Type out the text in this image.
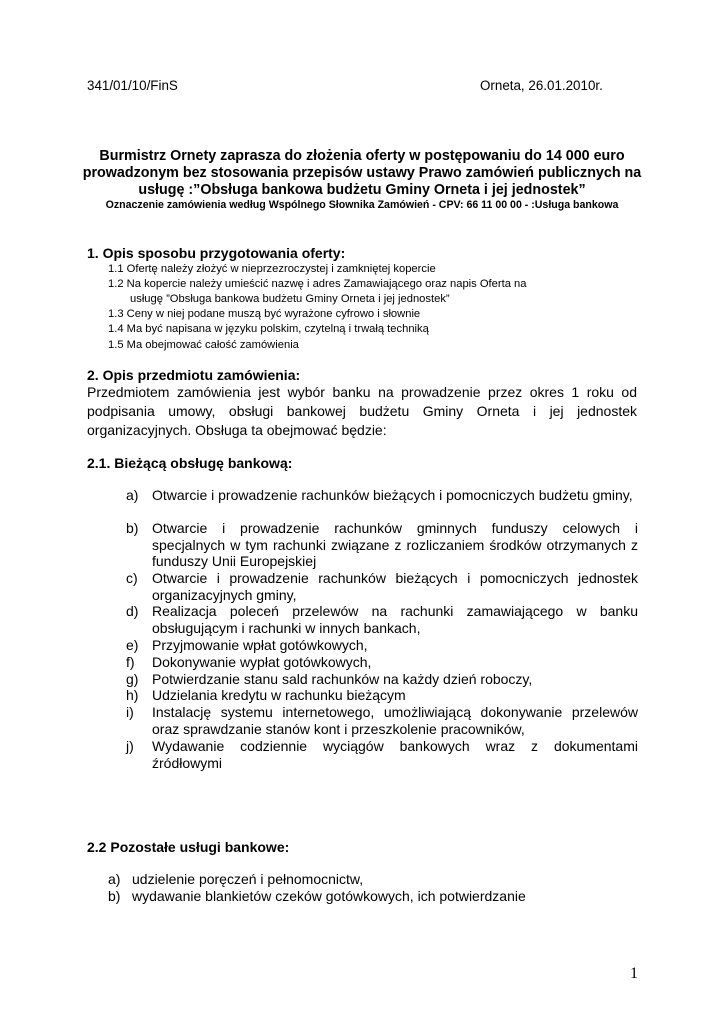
341/01/10/FinS	Orneta, 26.01.2010r.
Burmistrz Ornety zaprasza do złożenia oferty w postępowaniu do 14 000 euro prowadzonym bez stosowania przepisów ustawy Prawo zamówień publicznych na usługę :”Obsługa bankowa budżetu Gminy Orneta i jej jednostek”
Oznaczenie zamówienia według Wspólnego Słownika Zamówień - CPV: 66 11 00 00 - :Usługa bankowa
1. Opis sposobu przygotowania oferty:
1.1 Ofertę należy złożyć w nieprzezroczystej i zamkniętej kopercie
1.2 Na kopercie należy umieścić nazwę i adres Zamawiającego oraz napis Oferta na
usługę ”Obsługa bankowa budżetu Gminy Orneta i jej jednostek”
1.3 Ceny w niej podane muszą być wyrażone cyfrowo i słownie
1.4 Ma być napisana w języku polskim, czytelną i trwałą techniką
1.5 Ma obejmować całość zamówienia
2. Opis przedmiotu zamówienia:
Przedmiotem zamówienia jest wybór banku na prowadzenie przez okres 1 roku od podpisania umowy, obsługi bankowej budżetu Gminy Orneta i jej jednostek organizacyjnych. Obsługa ta obejmować będzie:
2.1. Bieżącą obsługę bankową:
a) Otwarcie i prowadzenie rachunków bieżących i pomocniczych budżetu gminy,
b) Otwarcie i prowadzenie rachunków gminnych funduszy celowych i specjalnych w tym rachunki związane z rozliczaniem środków otrzymanych z funduszy Unii Europejskiej
c) Otwarcie i prowadzenie rachunków bieżących i pomocniczych jednostek organizacyjnych gminy,
d) Realizacja poleceń przelewów na rachunki zamawiającego w banku obsługującym i rachunki w innych bankach,
e) Przyjmowanie wpłat gotówkowych,
f) Dokonywanie wypłat gotówkowych,
g) Potwierdzanie stanu sald rachunków na każdy dzień roboczy,
h) Udzielania kredytu w rachunku bieżącym
i) Instalację systemu internetowego, umożliwiającą dokonywanie przelewów oraz sprawdzanie stanów kont i przeszkolenie pracowników,
j) Wydawanie codziennie wyciągów bankowych wraz z dokumentami źródłowymi
2.2 Pozostałe usługi bankowe:
a) udzielenie poręczeń i pełnomocnictw,
b) wydawanie blankietów czeków gotówkowych, ich potwierdzanie
1
